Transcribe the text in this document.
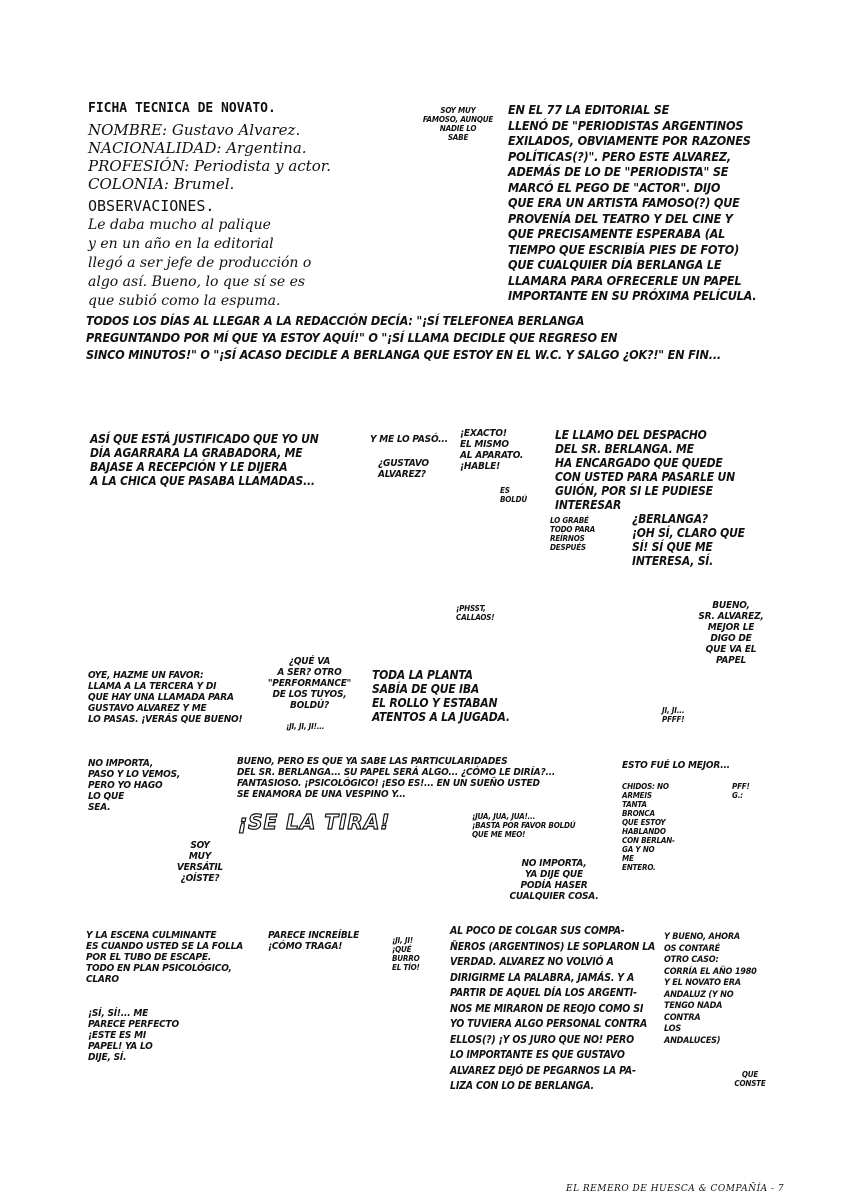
FICHA TECNICA DE NOVATO.

NOMBRE: Gustavo Alvarez.

NACIONALIDAD: Argentina.

PROFESIÓN: Periodista y actor.

COLONIA: Brumel.

OBSERVACIONES.

Le daba mucho al palique
y en un año en la editorial
llegó a ser jefe de producción o
algo así. Bueno, lo que sí se es
que subió como la espuma.

SOY MUY
FAMOSO, AUNQUE
NADIE LO
SABE

EN EL 77 LA EDITORIAL SE
LLENÓ DE "PERIODISTAS ARGENTINOS
EXILADOS, OBVIAMENTE POR RAZONES
POLÍTICAS(?)". PERO ESTE ALVAREZ,
ADEMÁS DE LO DE "PERIODISTA" SE
MARCÓ EL PEGO DE "ACTOR". DIJO
QUE ERA UN ARTISTA FAMOSO(?) QUE
PROVENÍA DEL TEATRO Y DEL CINE Y
QUE PRECISAMENTE ESPERABA (AL
TIEMPO QUE ESCRIBÍA PIES DE FOTO)
QUE CUALQUIER DÍA BERLANGA LE
LLAMARA PARA OFRECERLE UN PAPEL
IMPORTANTE EN SU PRÓXIMA PELÍCULA.

TODOS LOS DÍAS AL LLEGAR A LA REDACCIÓN DECÍA: "¡SÍ TELEFONEA BERLANGA
PREGUNTANDO POR MÍ QUE YA ESTOY AQUÍ!" O "¡SÍ LLAMA DECIDLE QUE REGRESO EN
SINCO MINUTOS!" O "¡SÍ ACASO DECIDLE A BERLANGA QUE ESTOY EN EL W.C. Y SALGO ¿OK?!" EN FIN...

ASÍ QUE ESTÁ JUSTIFICADO QUE YO UN
DÍA AGARRARA LA GRABADORA, ME
BAJASE A RECEPCIÓN Y LE DIJERA
A LA CHICA QUE PASABA LLAMADAS...

Y ME LO PASÓ...

¿GUSTAVO
ALVAREZ?

¡EXACTO!
EL MISMO
AL APARATO.
¡HABLE!

ES
BOLDÚ

LE LLAMO DEL DESPACHO
DEL SR. BERLANGA. ME
HA ENCARGADO QUE QUEDE
CON USTED PARA PASARLE UN
GUIÓN, POR SI LE PUDIESE
INTERESAR

LO GRABÉ
TODO PARA
REÍRNOS
DESPUÉS

¿BERLANGA?
¡OH SÍ, CLARO QUE
SÍ! SÍ QUE ME
INTERESA, SÍ.

¡PHSST,
CALLAOS!

BUENO,
SR. ALVAREZ,
MEJOR LE
DIGO DE
QUE VA EL
PAPEL

OYE, HAZME UN FAVOR:
LLAMA A LA TERCERA Y DI
QUE HAY UNA LLAMADA PARA
GUSTAVO ALVAREZ Y ME
LO PASAS. ¡VERÁS QUE BUENO!

¿QUÉ VA
A SER? OTRO
"PERFORMANCE"
DE LOS TUYOS,
BOLDÚ?

¡JI, JI, JI!...

TODA LA PLANTA
SABÍA DE QUE IBA
EL ROLLO Y ESTABAN
ATENTOS A LA JUGADA.	JI, JI...
PFFF!

NO IMPORTA,
PASO Y LO VEMOS,
PERO YO HAGO
LO QUE
SEA.

SOY
MUY
VERSÁTIL
¿OÍSTE?

BUENO, PERO ES QUE YA SABE LAS PARTICULARIDADES
DEL SR. BERLANGA... SU PAPEL SERÁ ALGO... ¿CÓMO LE DIRÍA?...
FANTASIOSO. ¡PSICOLÓGICO! ¡ESO ES!... EN UN SUEÑO USTED
SE ENAMORA DE UNA VESPINO Y...

¡SE LA TIRA!	¡JUA, JUA, JUA!...
¡BASTA POR FAVOR BOLDÚ
QUE ME MEO!

NO IMPORTA,
YA DIJE QUE
PODÍA HASER
CUALQUIER COSA.

ESTO FUÉ LO MEJOR...

PFF!
G.:

CHIDOS: NO
ARMEIS
TANTA
BRONCA
QUE ESTOY
HABLANDO
CON BERLAN-
GA Y NO
ME
ENTERO.

Y LA ESCENA CULMINANTE
ES CUANDO USTED SE LA FOLLA
POR EL TUBO DE ESCAPE.
TODO EN PLAN PSICOLÓGICO,
CLARO

¡SÍ, SÍ!... ME
PARECE PERFECTO
¡ESTE ES MI
PAPEL! YA LO
DIJE, SÍ.

PARECE INCREÍBLE
¡CÓMO TRAGA!

¡JI, JI!
¡QUÉ
BURRO
EL TÍO!

AL POCO DE COLGAR SUS COMPA-
ÑEROS (ARGENTINOS) LE SOPLARON LA
VERDAD. ALVAREZ NO VOLVIÓ A
DIRIGIRME LA PALABRA, JAMÁS. Y A
PARTIR DE AQUEL DÍA LOS ARGENTI-
NOS ME MIRARON DE REOJO COMO SI
YO TUVIERA ALGO PERSONAL CONTRA
ELLOS(?) ¡Y OS JURO QUE NO! PERO
LO IMPORTANTE ES QUE GUSTAVO
ALVAREZ DEJÓ DE PEGARNOS LA PA-
LIZA CON LO DE BERLANGA.

Y BUENO, AHORA
OS CONTARÉ
OTRO CASO:
CORRÍA EL AÑO 1980
Y EL NOVATO ERA
ANDALUZ (Y NO
TENGO NADA
CONTRA
LOS
ANDALUCES)

QUE
CONSTE

EL REMERO DE HUESCA & COMPAÑÍA - 7
